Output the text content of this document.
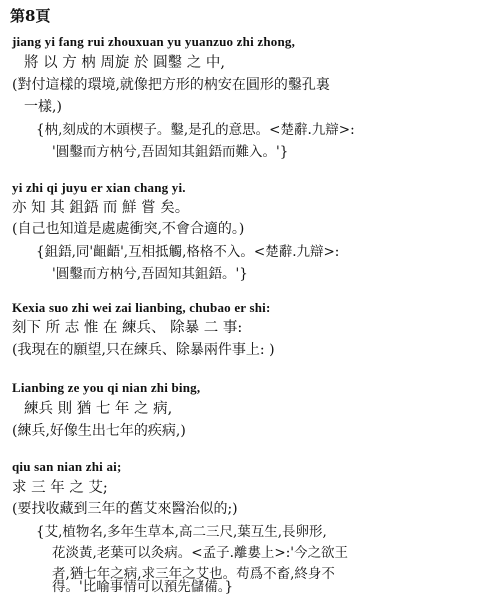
第8頁
jiang yi fang rui zhouxuan yu yuanzuo zhi zhong,
將 以 方 枘 周旋 於 圓鑿 之 中,
(對付這樣的環境,就像把方形的枘安在圓形的鑿孔裏
一樣,)
{枘,刻成的木頭楔子。鑿,是孔的意思。<楚辭.九辯>:
'圓鑿而方枘兮,吾固知其鉏鋙而難入。'}
yi zhi qi juyu er xian chang yi.
亦 知 其 鉏鋙 而 鮮 嘗 矣。
(自己也知道是處處衝突,不會合適的。)
{鉏鋙,同'齟齬',互相抵觸,格格不入。<楚辭.九辯>:
'圓鑿而方枘兮,吾固知其鉏鋙。'}
Kexia suo zhi wei zai lianbing, chubao er shi:
刻下 所 志 惟 在 練兵、 除暴 二 事:
(我現在的願望,只在練兵、除暴兩件事上: )
Lianbing ze you qi nian zhi bing,
練兵 則 猶 七 年 之 病,
(練兵,好像生出七年的疾病,)
qiu san nian zhi ai;
求 三 年 之 艾;
(要找收藏到三年的舊艾來醫治似的;)
{艾,植物名,多年生草本,高二三尺,葉互生,長卵形,
花淡黃,老葉可以灸病。<孟子.離婁上>:'今之欲王
者,猶七年之病,求三年之艾也。苟爲不畜,終身不
得。'比喻事情可以預先儲備。}
